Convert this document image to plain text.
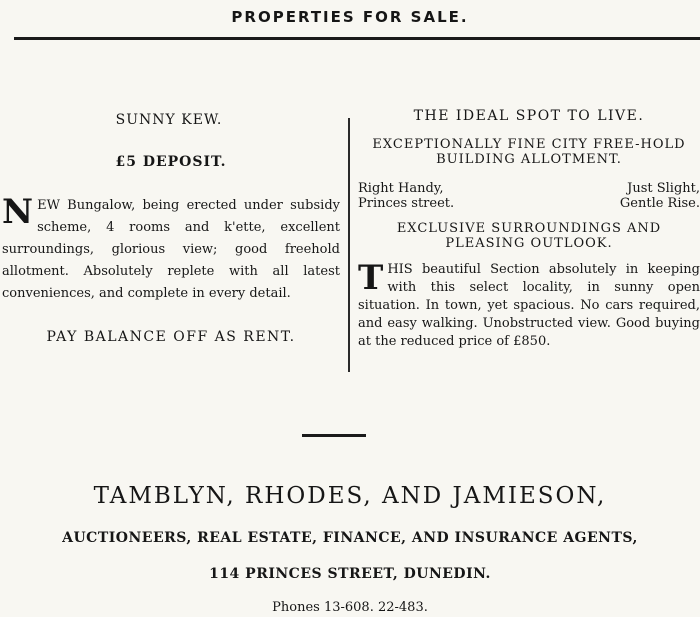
PROPERTIES FOR SALE.
SUNNY KEW.
£5 DEPOSIT.
NEW Bungalow, being erected under subsidy scheme, 4 rooms and k'ette, excellent surroundings, glorious view; good freehold allotment. Absolutely replete with all latest conveniences, and complete in every detail.
PAY BALANCE OFF AS RENT.
THE IDEAL SPOT TO LIVE.
EXCEPTIONALLY FINE CITY FREE-HOLD BUILDING ALLOTMENT.
Right Handy,
Princes street.
Just Slight,
Gentle Rise.
EXCLUSIVE SURROUNDINGS AND PLEASING OUTLOOK.
THIS beautiful Section absolutely in keeping with this select locality, in sunny open situation. In town, yet spacious. No cars required, and easy walking. Unobstructed view. Good buying at the reduced price of £850.
TAMBLYN, RHODES, AND JAMIESON,
AUCTIONEERS, REAL ESTATE, FINANCE, AND INSURANCE AGENTS,
114 PRINCES STREET, DUNEDIN.
Phones 13-608. 22-483.
